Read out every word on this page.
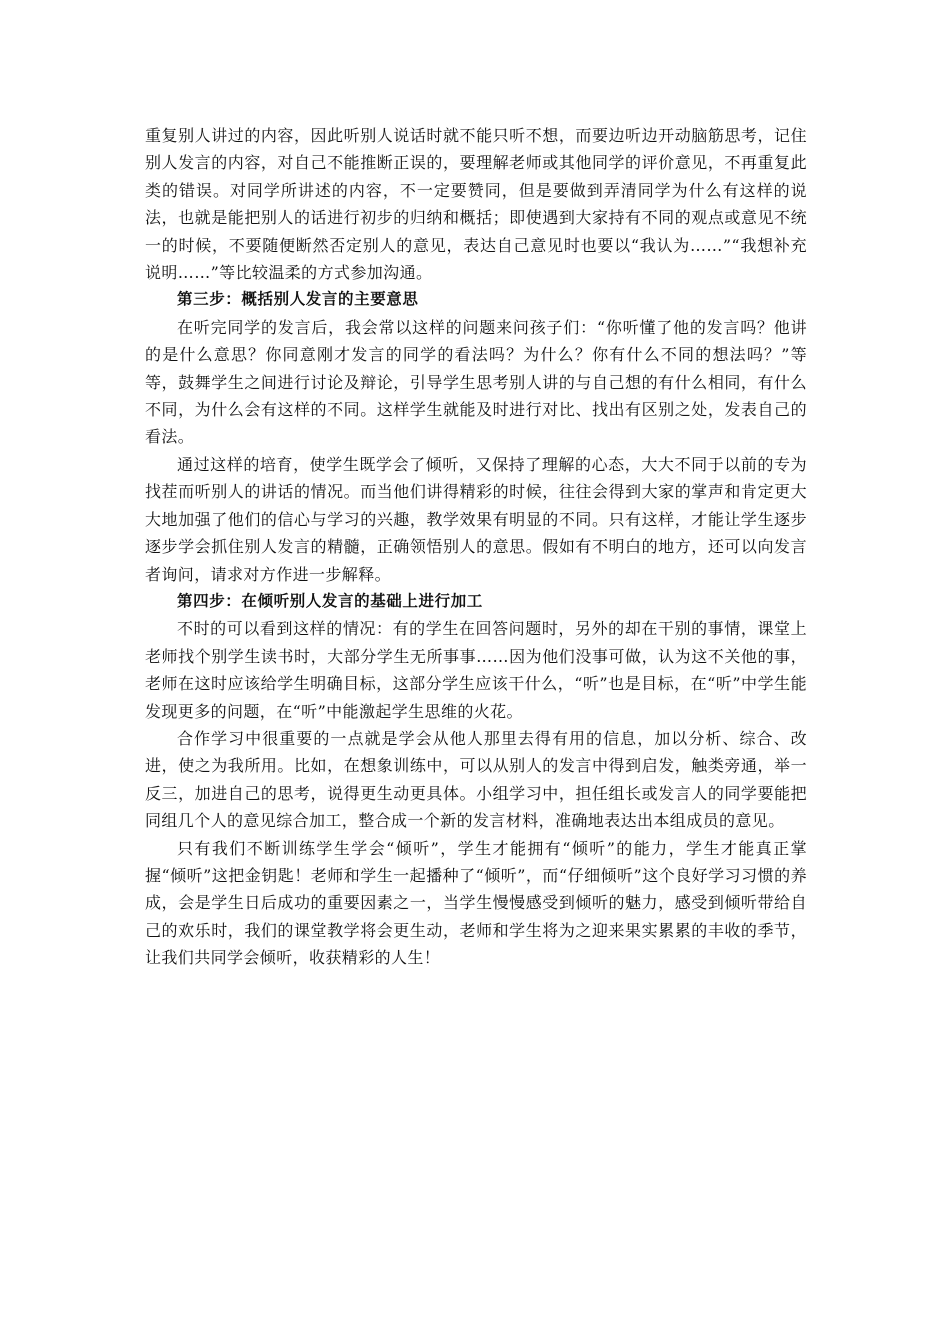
重复别人讲过的内容，因此听别人说话时就不能只听不想，而要边听边开动脑筋思考，记住别人发言的内容，对自己不能推断正误的，要理解老师或其他同学的评价意见，不再重复此类的错误。对同学所讲述的内容，不一定要赞同，但是要做到弄清同学为什么有这样的说法，也就是能把别人的话进行初步的归纳和概括；即使遇到大家持有不同的观点或意见不统一的时候，不要随便断然否定别人的意见，表达自己意见时也要以“我认为……”“我想补充说明……”等比较温柔的方式参加沟通。

第三步：概括别人发言的主要意思

在听完同学的发言后，我会常以这样的问题来问孩子们：“你听懂了他的发言吗？他讲的是什么意思？你同意刚才发言的同学的看法吗？为什么？你有什么不同的想法吗？”等等，鼓舞学生之间进行讨论及辩论，引导学生思考别人讲的与自己想的有什么相同，有什么不同，为什么会有这样的不同。这样学生就能及时进行对比、找出有区别之处，发表自己的看法。

通过这样的培育，使学生既学会了倾听，又保持了理解的心态，大大不同于以前的专为找茬而听别人的讲话的情况。而当他们讲得精彩的时候，往往会得到大家的掌声和肯定更大大地加强了他们的信心与学习的兴趣，教学效果有明显的不同。只有这样，才能让学生逐步逐步学会抓住别人发言的精髓，正确领悟别人的意思。假如有不明白的地方，还可以向发言者询问，请求对方作进一步解释。

第四步：在倾听别人发言的基础上进行加工

不时的可以看到这样的情况：有的学生在回答问题时，另外的却在干别的事情，课堂上老师找个别学生读书时，大部分学生无所事事……因为他们没事可做，认为这不关他的事，老师在这时应该给学生明确目标，这部分学生应该干什么，“听”也是目标，在“听”中学生能发现更多的问题，在“听”中能激起学生思维的火花。

合作学习中很重要的一点就是学会从他人那里去得有用的信息，加以分析、综合、改进，使之为我所用。比如，在想象训练中，可以从别人的发言中得到启发，触类旁通，举一反三，加进自己的思考，说得更生动更具体。小组学习中，担任组长或发言人的同学要能把同组几个人的意见综合加工，整合成一个新的发言材料，准确地表达出本组成员的意见。

只有我们不断训练学生学会“倾听”，学生才能拥有“倾听”的能力，学生才能真正掌握“倾听”这把金钥匙！老师和学生一起播种了“倾听”，而“仔细倾听”这个良好学习习惯的养成，会是学生日后成功的重要因素之一，当学生慢慢感受到倾听的魅力，感受到倾听带给自己的欢乐时，我们的课堂教学将会更生动，老师和学生将为之迎来果实累累的丰收的季节，让我们共同学会倾听，收获精彩的人生！
